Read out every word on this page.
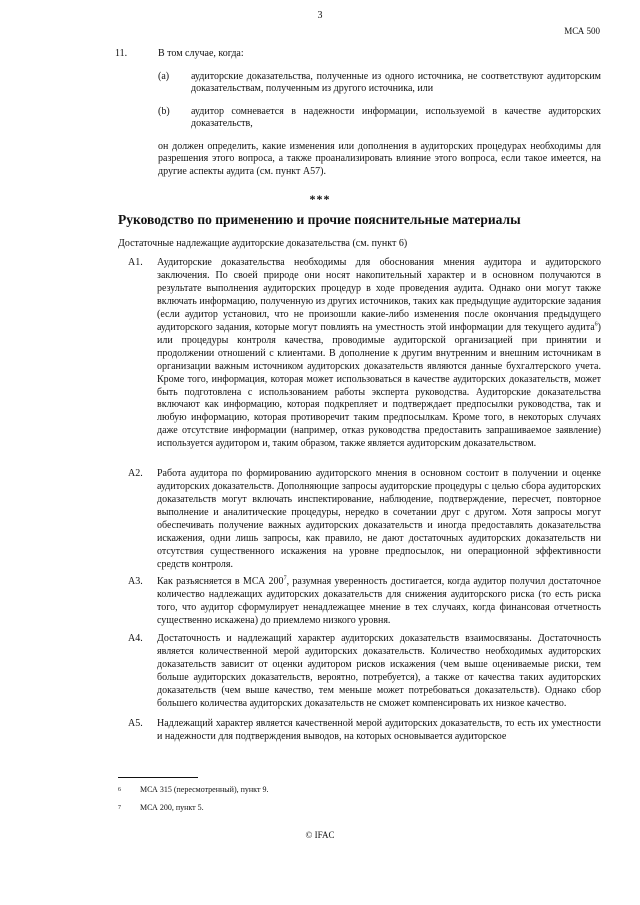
3
МСА 500
11.	В том случае, когда:
(a) аудиторские доказательства, полученные из одного источника, не соответствуют аудиторским доказательствам, полученным из другого источника, или
(b) аудитор сомневается в надежности информации, используемой в качестве аудиторских доказательств,
он должен определить, какие изменения или дополнения в аудиторских процедурах необходимы для разрешения этого вопроса, а также проанализировать влияние этого вопроса, если такое имеется, на другие аспекты аудита (см. пункт А57).
***
Руководство по применению и прочие пояснительные материалы
Достаточные надлежащие аудиторские доказательства (см. пункт 6)
A1. Аудиторские доказательства необходимы для обоснования мнения аудитора и аудиторского заключения. По своей природе они носят накопительный характер и в основном получаются в результате выполнения аудиторских процедур в ходе проведения аудита. Однако они могут также включать информацию, полученную из других источников, таких как предыдущие аудиторские задания (если аудитор установил, что не произошли какие-либо изменения после окончания предыдущего аудиторского задания, которые могут повлиять на уместность этой информации для текущего аудита$^6$) или процедуры контроля качества, проводимые аудиторской организацией при принятии и продолжении отношений с клиентами. В дополнение к другим внутренним и внешним источникам в организации важным источником аудиторских доказательств являются данные бухгалтерского учета. Кроме того, информация, которая может использоваться в качестве аудиторских доказательств, может быть подготовлена с использованием работы эксперта руководства. Аудиторские доказательства включают как информацию, которая подкрепляет и подтверждает предпосылки руководства, так и любую информацию, которая противоречит таким предпосылкам. Кроме того, в некоторых случаях даже отсутствие информации (например, отказ руководства предоставить запрашиваемое заявление) используется аудитором и, таким образом, также является аудиторским доказательством.
A2. Работа аудитора по формированию аудиторского мнения в основном состоит в получении и оценке аудиторских доказательств. Дополняющие запросы аудиторские процедуры с целью сбора аудиторских доказательств могут включать инспектирование, наблюдение, подтверждение, пересчет, повторное выполнение и аналитические процедуры, нередко в сочетании друг с другом. Хотя запросы могут обеспечивать получение важных аудиторских доказательств и иногда предоставлять доказательства искажения, одни лишь запросы, как правило, не дают достаточных аудиторских доказательств ни отсутствия существенного искажения на уровне предпосылок, ни операционной эффективности средств контроля.
A3. Как разъясняется в МСА $200^7$, разумная уверенность достигается, когда аудитор получил достаточное количество надлежащих аудиторских доказательств для снижения аудиторского риска (то есть риска того, что аудитор сформулирует ненадлежащее мнение в тех случаях, когда финансовая отчетность существенно искажена) до приемлемо низкого уровня.
A4. Достаточность и надлежащий характер аудиторских доказательств взаимосвязаны. Достаточность является количественной мерой аудиторских доказательств. Количество необходимых аудиторских доказательств зависит от оценки аудитором рисков искажения (чем выше оцениваемые риски, тем больше аудиторских доказательств, вероятно, потребуется), а также от качества таких аудиторских доказательств (чем выше качество, тем меньше может потребоваться доказательств). Однако сбор большего количества аудиторских доказательств не сможет компенсировать их низкое качество.
A5. Надлежащий характер является качественной мерой аудиторских доказательств, то есть их уместности и надежности для подтверждения выводов, на которых основывается аудиторское
6 МСА 315 (пересмотренный), пункт 9.
7 МСА 200, пункт 5.
© IFAC
